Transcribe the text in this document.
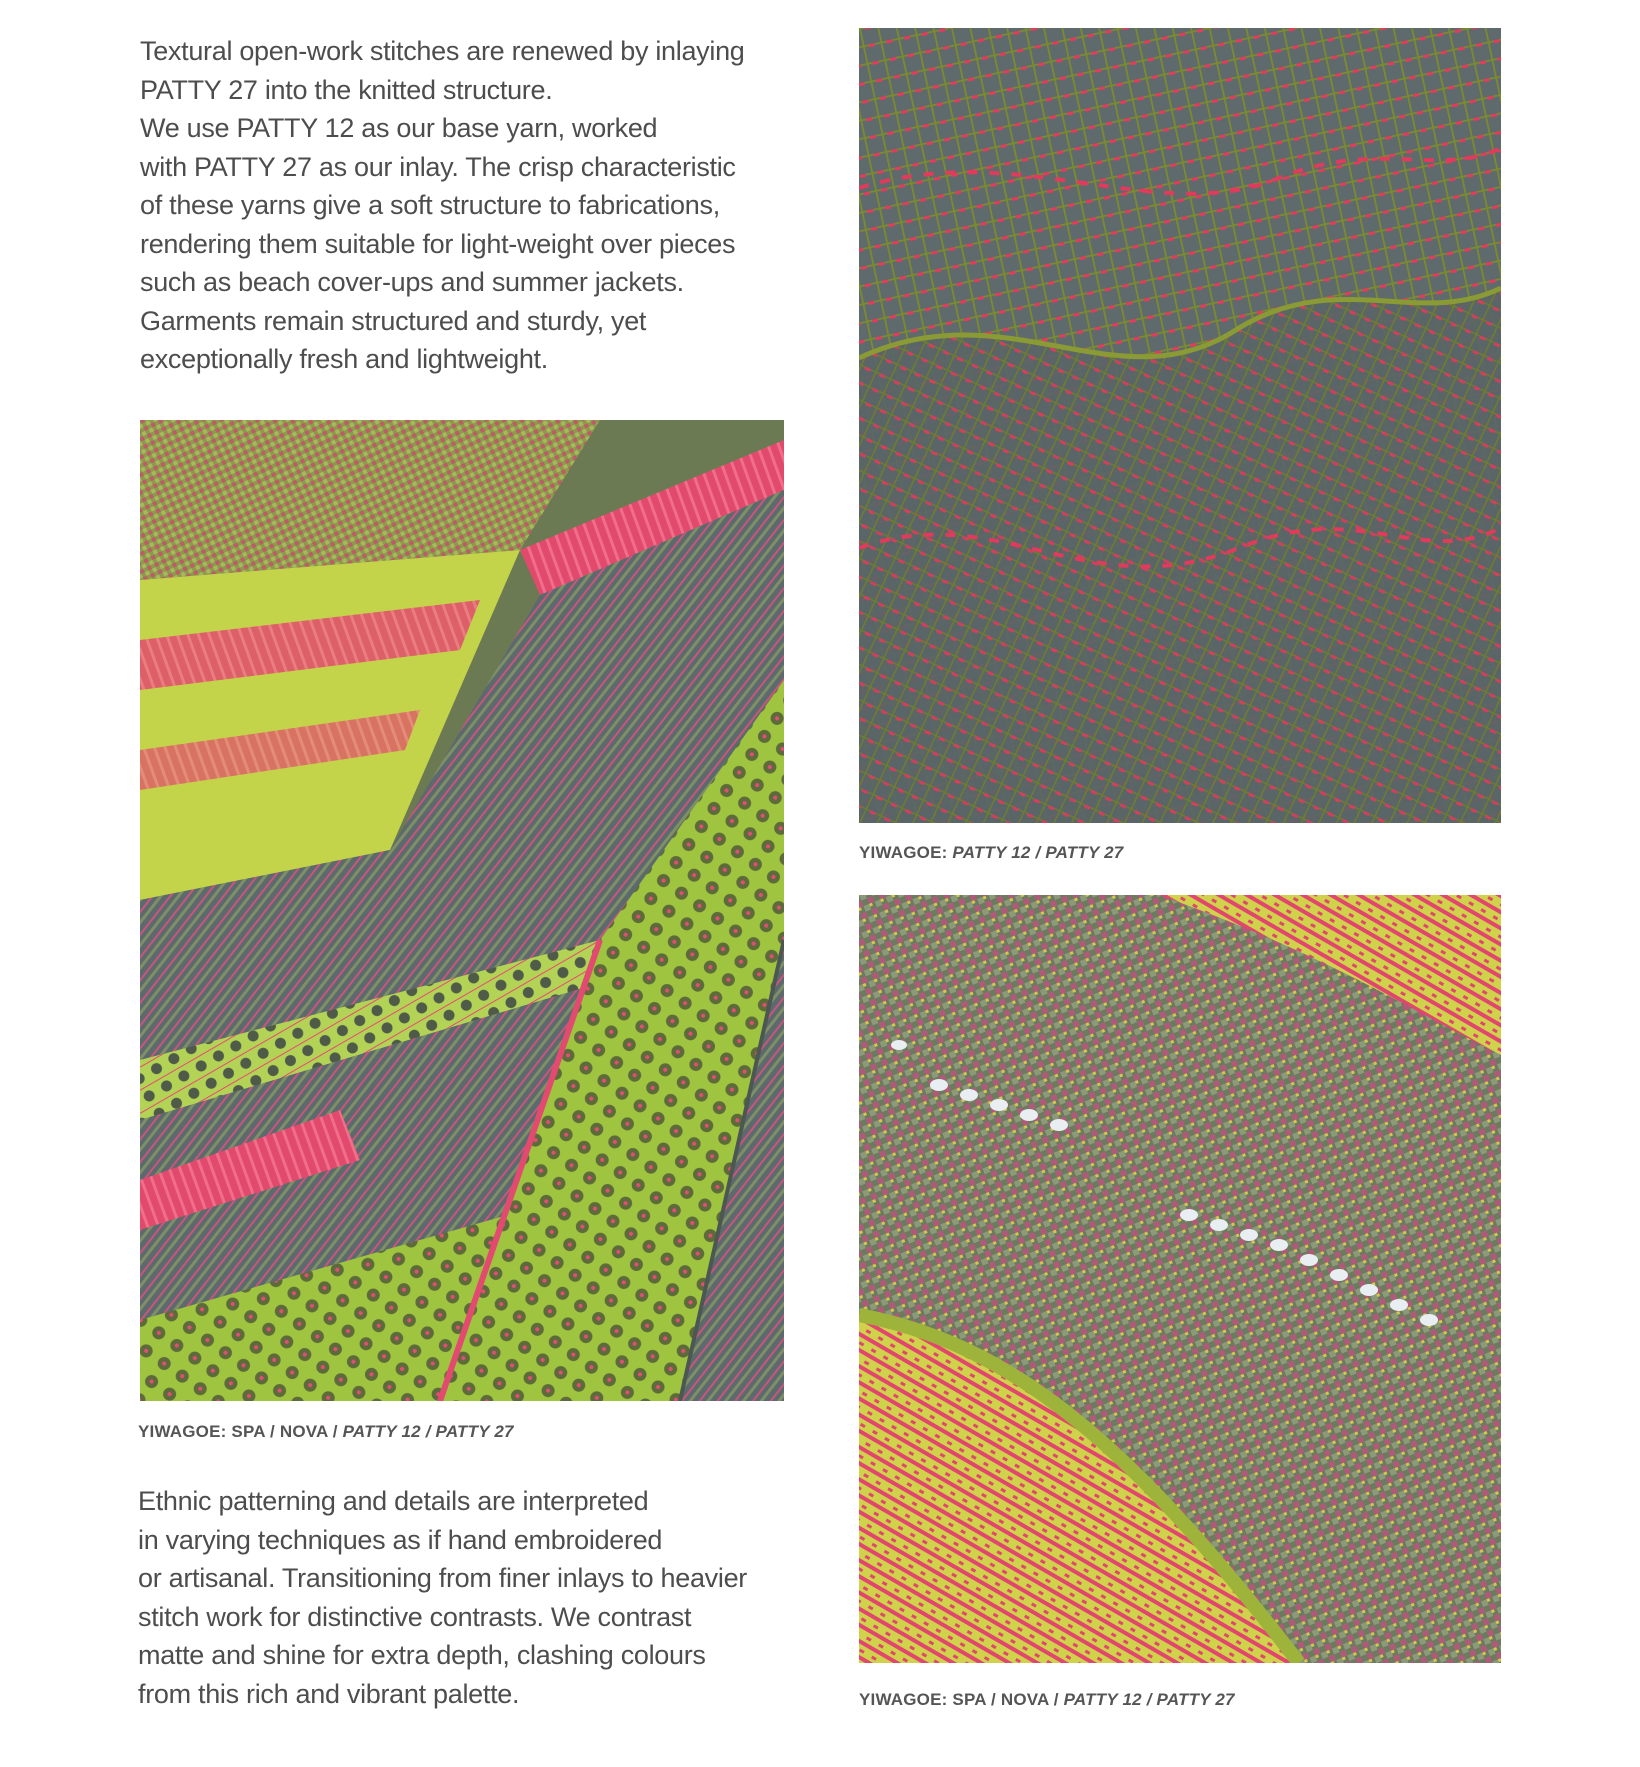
Textural open-work stitches are renewed by inlaying
PATTY 27 into the knitted structure.
We use PATTY 12 as our base yarn, worked
with PATTY 27 as our inlay. The crisp characteristic
of these yarns give a soft structure to fabrications,
rendering them suitable for light-weight over pieces
such as beach cover-ups and summer jackets.
Garments remain structured and sturdy, yet
exceptionally fresh and lightweight.

YIWAGOE: SPA / NOVA / PATTY 12 / PATTY 27

Ethnic patterning and details are interpreted
in varying techniques as if hand embroidered
or artisanal. Transitioning from finer inlays to heavier
stitch work for distinctive contrasts. We contrast
matte and shine for extra depth, clashing colours
from this rich and vibrant palette.

YIWAGOE: PATTY 12 / PATTY 27
YIWAGOE: SPA / NOVA / PATTY 12 / PATTY 27
